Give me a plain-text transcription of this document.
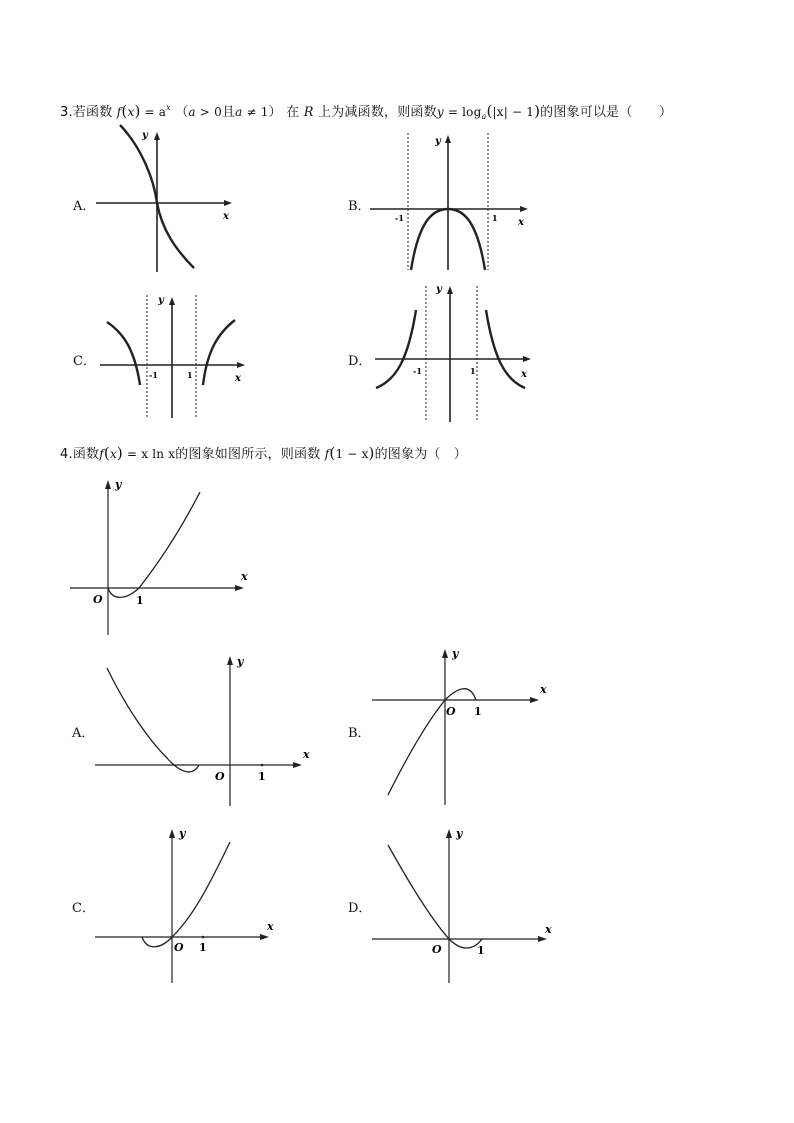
3.若函数 $f(x) = a^x$ （a > 0且a ≠ 1） 在 R 上为减函数，则函数$y = \log_a(|x| - 1)$的图象可以是（　　）
A．
y
x
B．
y
x
-1	1
C．
y
x
-1	1
D．
y
x
-1	1
4.函数f(x) = x ln x的图象如图所示，则函数 f(1 − x)的图象为（　）
y
x
O	1
A．
y
x
O	1
B．
y
x
O 1
C．
y
x
O 1
D．
y
x
O	1
